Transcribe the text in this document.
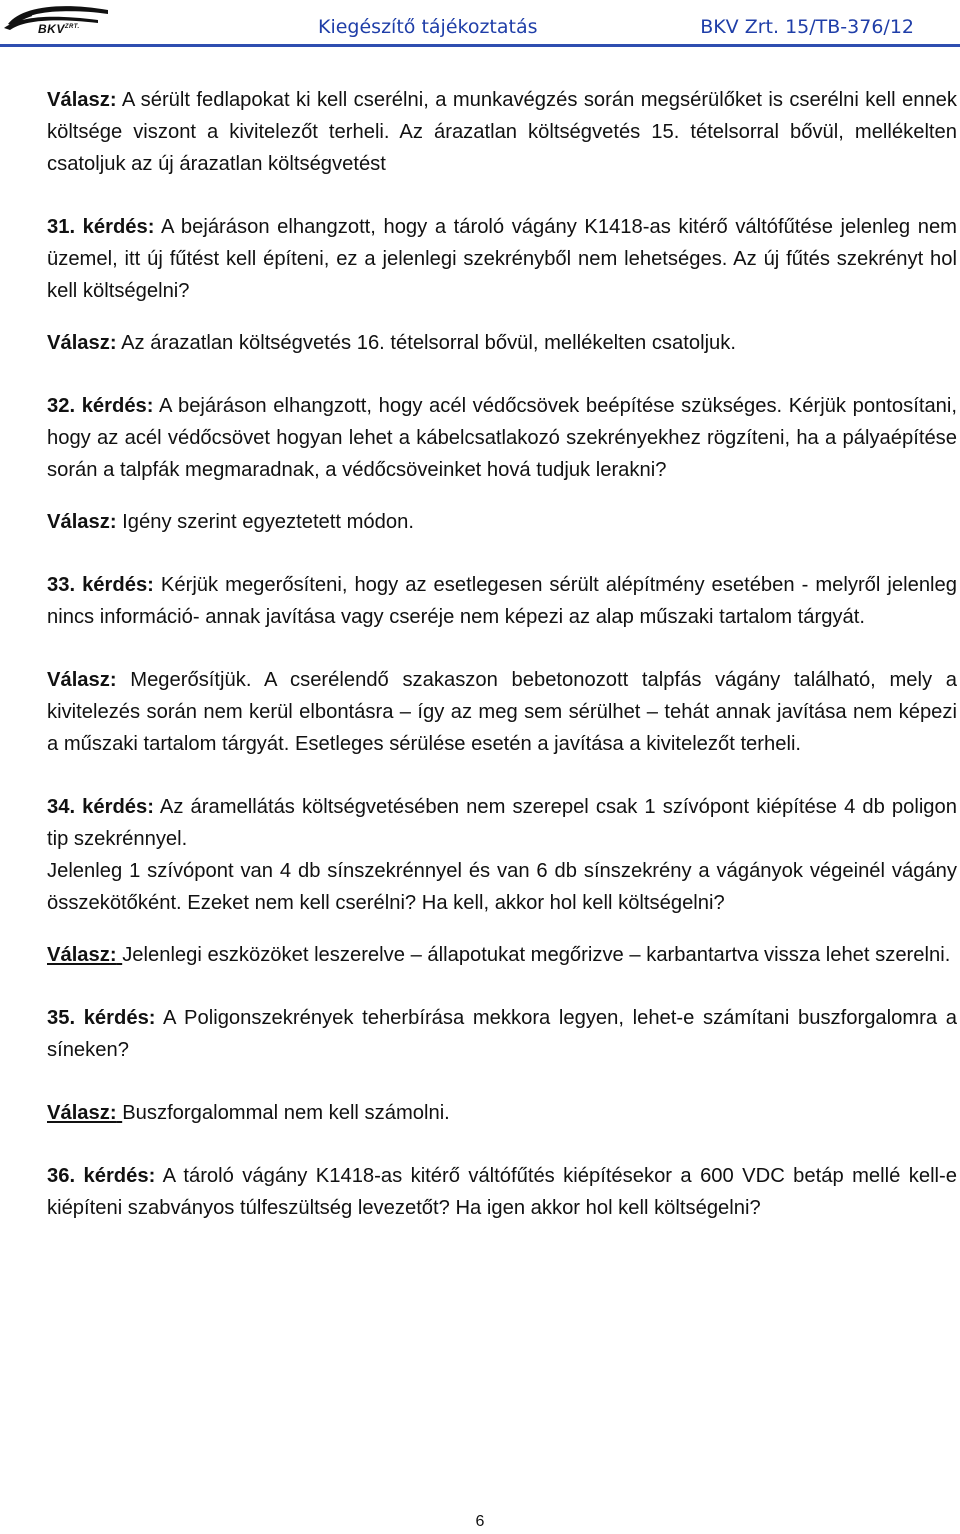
$BKV^{ZRT.}$	Kiegészítő tájékoztatás	BKV Zrt. 15/TB-376/12

Válasz: A sérült fedlapokat ki kell cserélni, a munkavégzés során megsérülőket is cserélni kell ennek költsége viszont a kivitelezőt terheli. Az árazatlan költségvetés 15. tételsorral bővül, mellékelten csatoljuk az új árazatlan költségvetést

31. kérdés: A bejáráson elhangzott, hogy a tároló vágány K1418-as kitérő váltófűtése jelenleg nem üzemel, itt új fűtést kell építeni, ez a jelenlegi szekrényből nem lehetséges. Az új fűtés szekrényt hol kell költségelni?

Válasz: Az árazatlan költségvetés 16. tételsorral bővül, mellékelten csatoljuk.

32. kérdés: A bejáráson elhangzott, hogy acél védőcsövek beépítése szükséges. Kérjük pontosítani, hogy az acél védőcsövet hogyan lehet a kábelcsatlakozó szekrényekhez rögzíteni, ha a pályaépítése során a talpfák megmaradnak, a védőcsöveinket hová tudjuk lerakni?

Válasz: Igény szerint egyeztetett módon.

33. kérdés: Kérjük megerősíteni, hogy az esetlegesen sérült alépítmény esetében - melyről jelenleg nincs információ- annak javítása vagy cseréje nem képezi az alap műszaki tartalom tárgyát.

Válasz: Megerősítjük. A cserélendő szakaszon bebetonozott talpfás vágány található, mely a kivitelezés során nem kerül elbontásra – így az meg sem sérülhet – tehát annak javítása nem képezi a műszaki tartalom tárgyát. Esetleges sérülése esetén a javítása a kivitelezőt terheli.

34. kérdés: Az áramellátás költségvetésében nem szerepel csak 1 szívópont kiépítése 4 db poligon tip szekrénnyel.

Jelenleg 1 szívópont van 4 db sínszekrénnyel és van 6 db sínszekrény a vágányok végeinél vágány összekötőként. Ezeket nem kell cserélni? Ha kell, akkor hol kell költségelni?

Válasz: Jelenlegi eszközöket leszerelve – állapotukat megőrizve – karbantartva vissza lehet szerelni.

35. kérdés: A Poligonszekrények teherbírása mekkora legyen, lehet-e számítani buszforgalomra a síneken?

Válasz: Buszforgalommal nem kell számolni.

36. kérdés: A tároló vágány K1418-as kitérő váltófűtés kiépítésekor a 600 VDC betáp mellé kell-e kiépíteni szabványos túlfeszültség levezetőt? Ha igen akkor hol kell költségelni?

6
